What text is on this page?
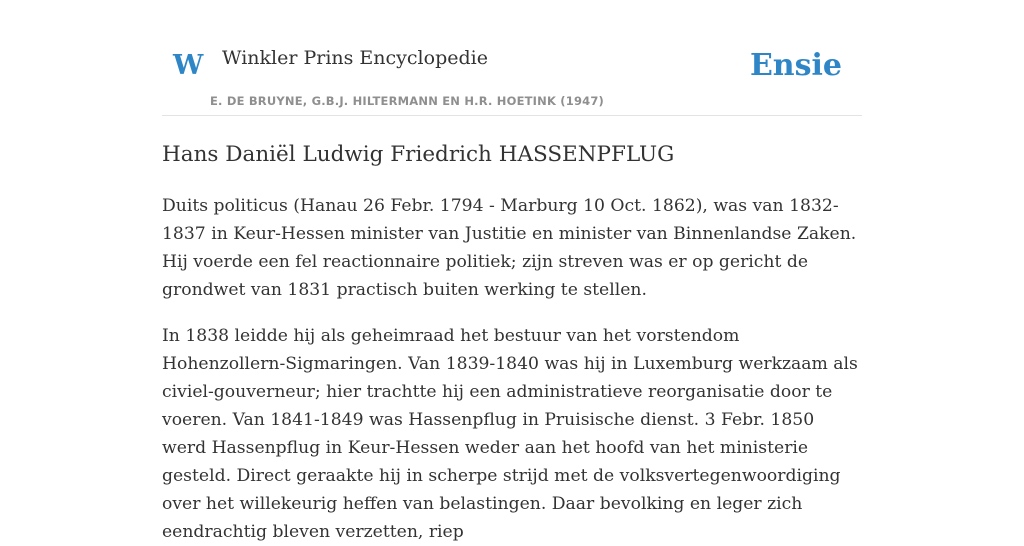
W Winkler Prins Encyclopedie
E. DE BRUYNE, G.B.J. HILTERMANN EN H.R. HOETINK (1947)
Ensie
Hans Daniël Ludwig Friedrich HASSENPFLUG

Duits politicus (Hanau 26 Febr. 1794 - Marburg 10 Oct. 1862), was van 1832-1837 in Keur-Hessen minister van Justitie en minister van Binnenlandse Zaken. Hij voerde een fel reactionnaire politiek; zijn streven was er op gericht de grondwet van 1831 practisch buiten werking te stellen.

In 1838 leidde hij als geheimraad het bestuur van het vorstendom Hohenzollern-Sigmaringen. Van 1839-1840 was hij in Luxemburg werkzaam als civiel-gouverneur; hier trachtte hij een administratieve reorganisatie door te voeren. Van 1841-1849 was Hassenpflug in Pruisische dienst. 3 Febr. 1850 werd Hassenpflug in Keur-Hessen weder aan het hoofd van het ministerie gesteld. Direct geraakte hij in scherpe strijd met de volksvertegenwoordiging over het willekeurig heffen van belastingen. Daar bevolking en leger zich eendrachtig bleven verzetten, riep
